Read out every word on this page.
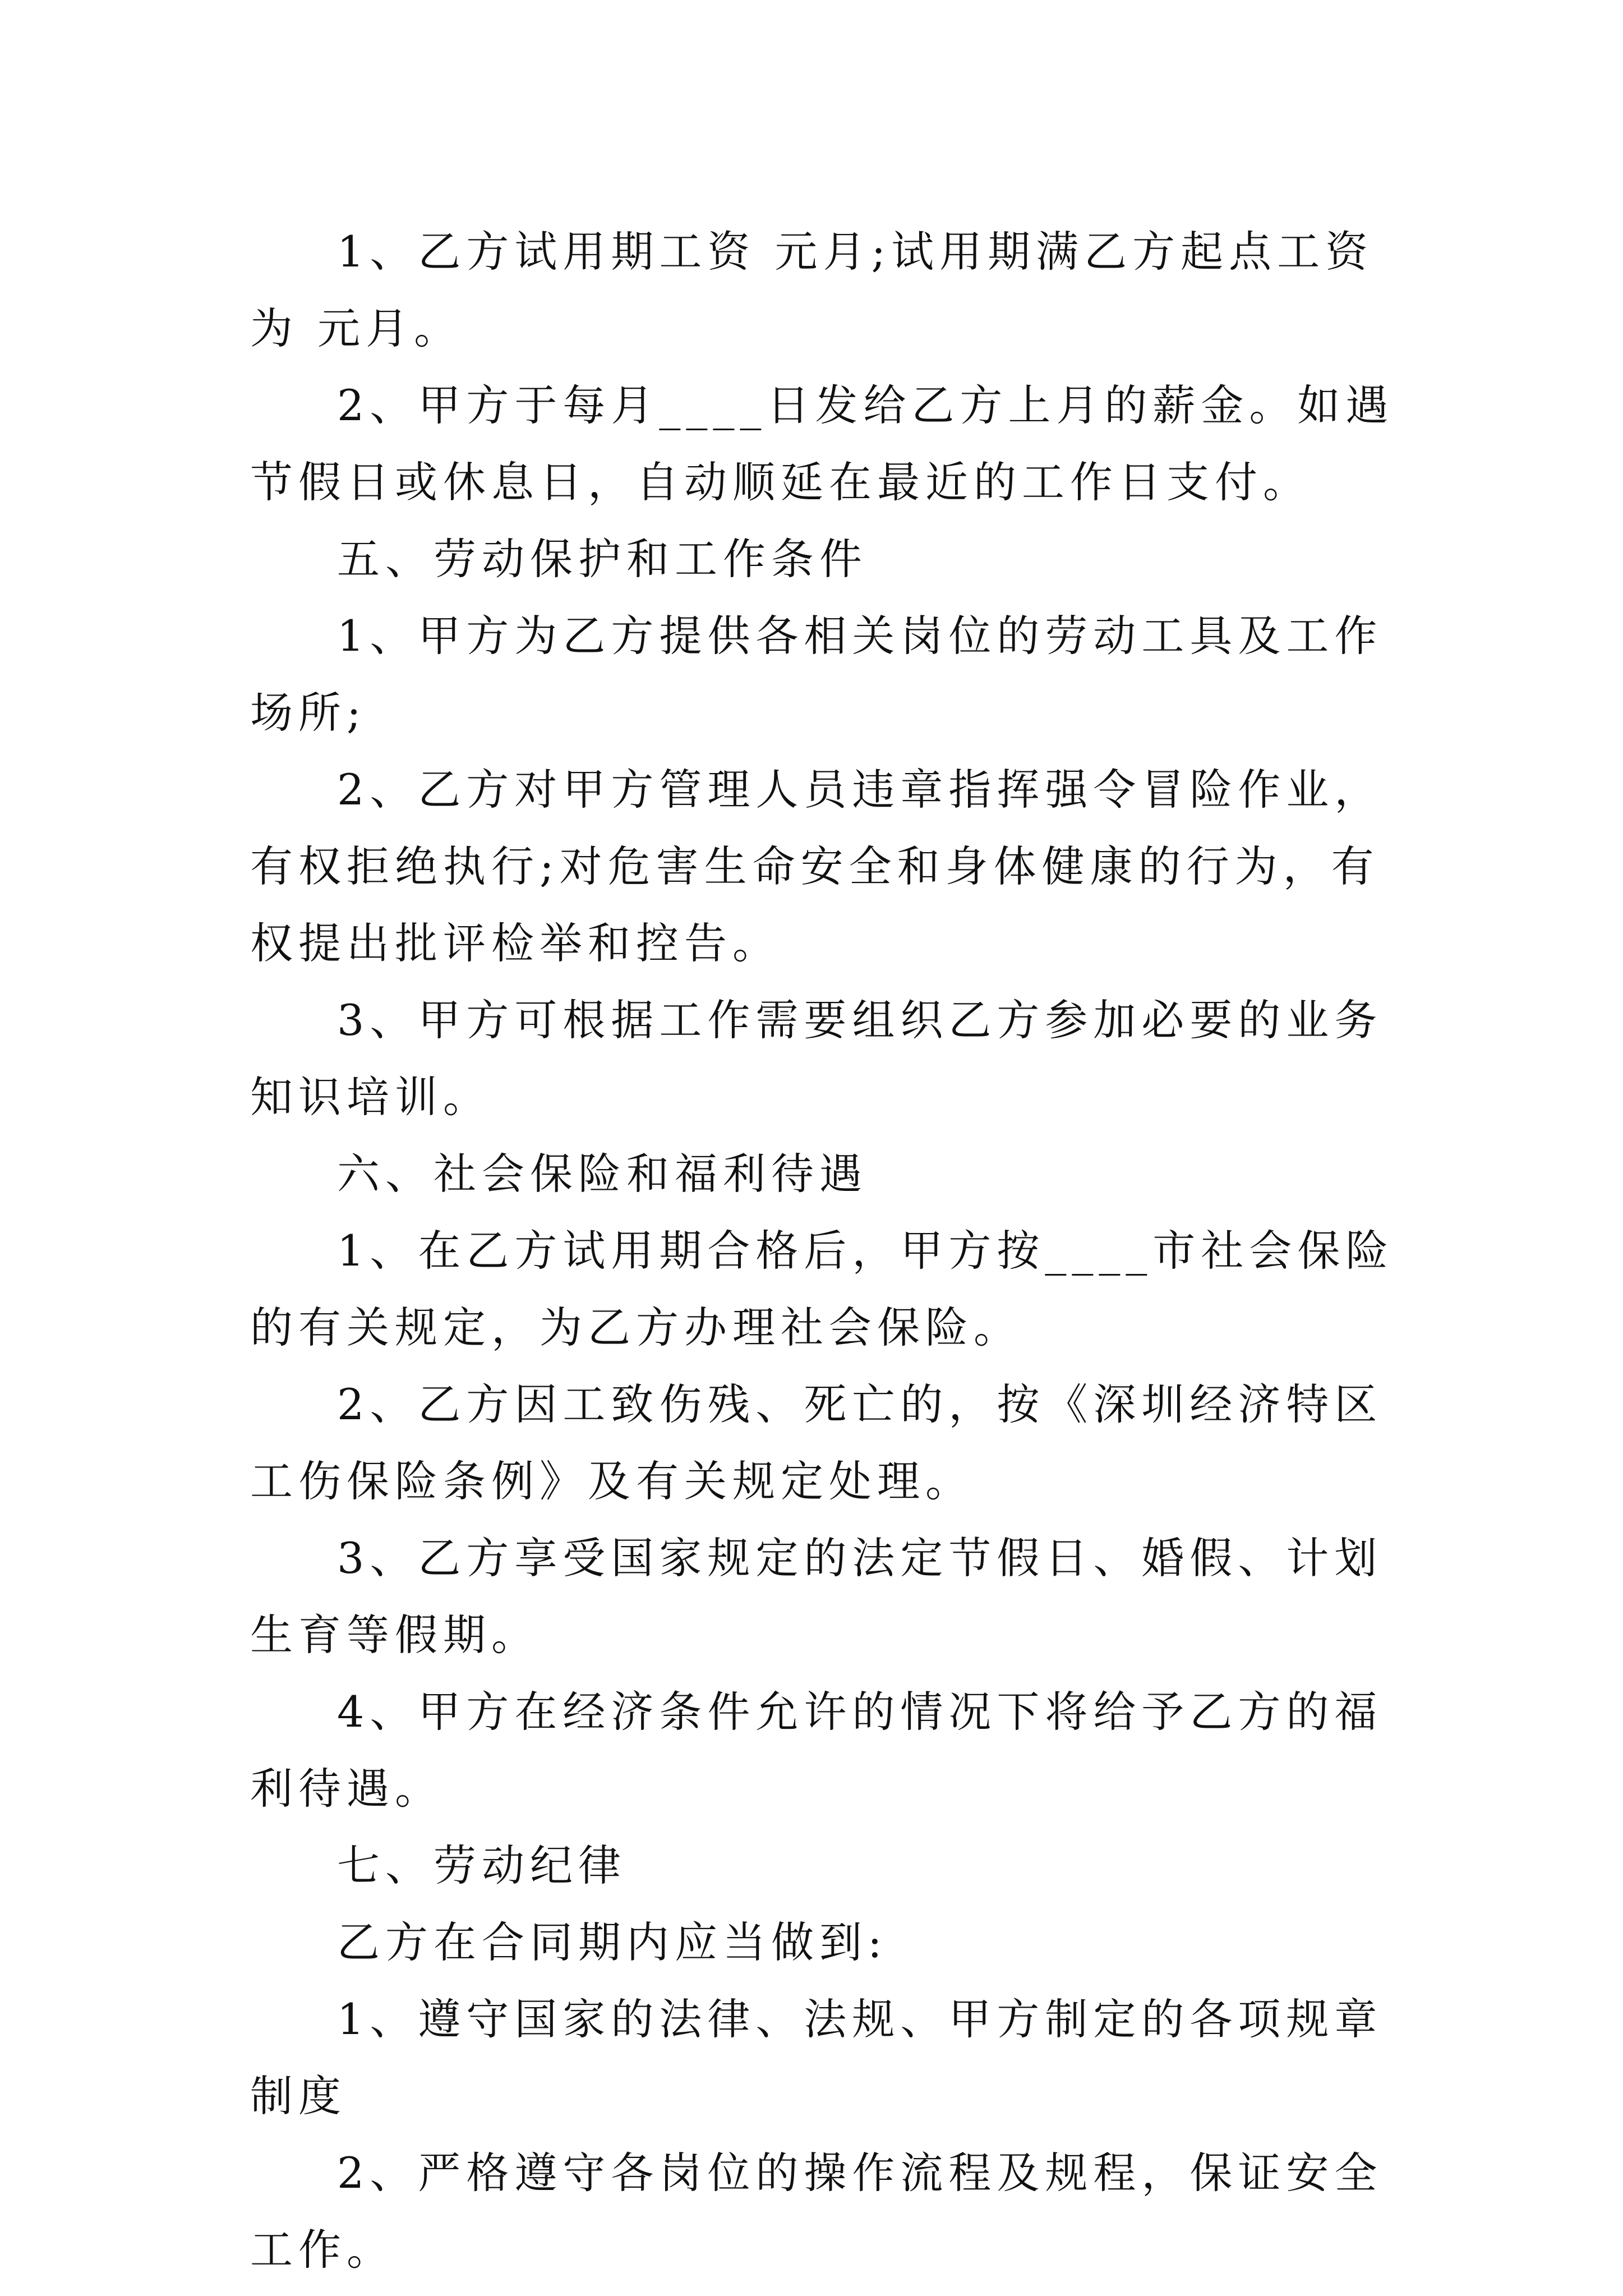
1、乙方试用期工资 元月;试用期满乙方起点工资为 元月。

2、甲方于每月____日发给乙方上月的薪金。如遇节假日或休息日，自动顺延在最近的工作日支付。

五、劳动保护和工作条件

1、甲方为乙方提供各相关岗位的劳动工具及工作场所;

2、乙方对甲方管理人员违章指挥强令冒险作业，有权拒绝执行;对危害生命安全和身体健康的行为，有权提出批评检举和控告。

3、甲方可根据工作需要组织乙方参加必要的业务知识培训。

六、社会保险和福利待遇

1、在乙方试用期合格后，甲方按____市社会保险的有关规定，为乙方办理社会保险。

2、乙方因工致伤残、死亡的，按《深圳经济特区工伤保险条例》及有关规定处理。

3、乙方享受国家规定的法定节假日、婚假、计划生育等假期。

4、甲方在经济条件允许的情况下将给予乙方的福利待遇。

七、劳动纪律

乙方在合同期内应当做到:

1、遵守国家的法律、法规、甲方制定的各项规章制度

2、严格遵守各岗位的操作流程及规程，保证安全工作。
